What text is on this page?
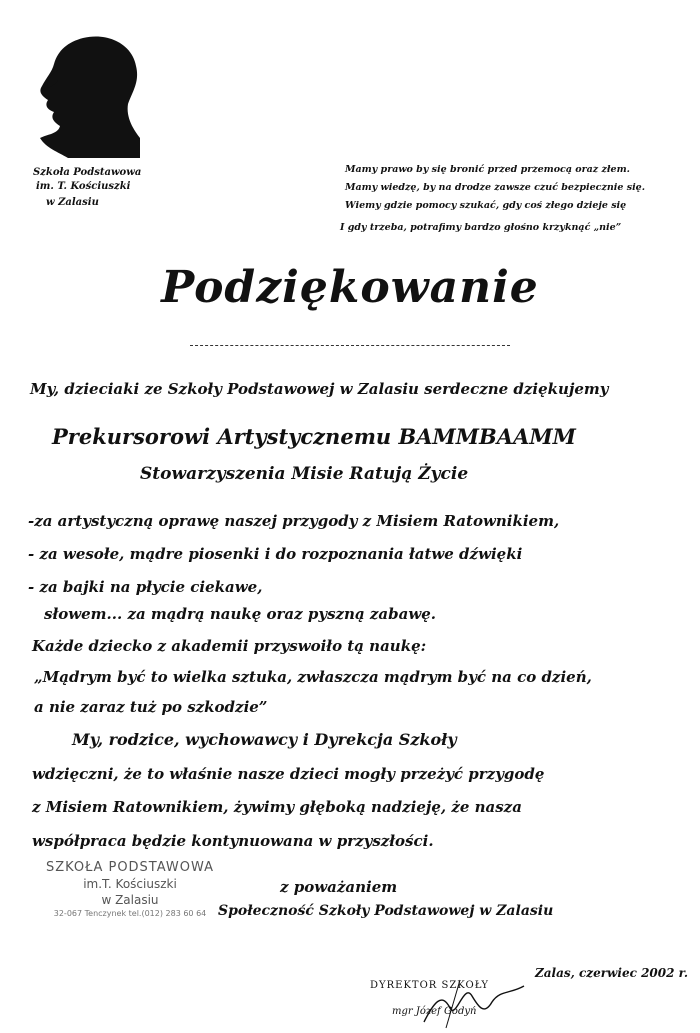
Szkoła Podstawowa
im. T. Kościuszki
w Zalasiu
Mamy prawo by się bronić przed przemocą oraz złem.
Mamy wiedzę, by na drodze zawsze czuć bezpiecznie się.
Wiemy gdzie pomocy szukać, gdy coś złego dzieje się
I gdy trzeba, potrafimy bardzo głośno krzyknąć „nie”
Podziękowanie
My, dzieciaki ze Szkoły Podstawowej w Zalasiu serdeczne dziękujemy
Prekursorowi Artystycznemu BAMMBAAMM
Stowarzyszenia Misie Ratują Życie
-za artystyczną oprawę naszej przygody z Misiem Ratownikiem,
- za wesołe, mądre piosenki i do rozpoznania łatwe dźwięki
- za bajki na płycie ciekawe,
słowem... za mądrą naukę oraz pyszną zabawę.
Każde dziecko z akademii przyswoiło tą naukę:
„Mądrym być to wielka sztuka, zwłaszcza mądrym być na co dzień,
a nie zaraz tuż po szkodzie”
My, rodzice, wychowawcy i Dyrekcja Szkoły
wdzięczni, że to właśnie nasze dzieci mogły przeżyć przygodę
z Misiem Ratownikiem, żywimy głęboką nadzieję, że nasza
współpraca będzie kontynuowana w przyszłości.
SZKOŁA PODSTAWOWA
im.T. Kościuszki
w Zalasiu
32-067 Tenczynek tel.(012) 283 60 64
z poważaniem
Społeczność Szkoły Podstawowej w Zalasiu
Zalas, czerwiec 2002 r.
DYREKTOR SZKOŁY
mgr Józef Godyń
